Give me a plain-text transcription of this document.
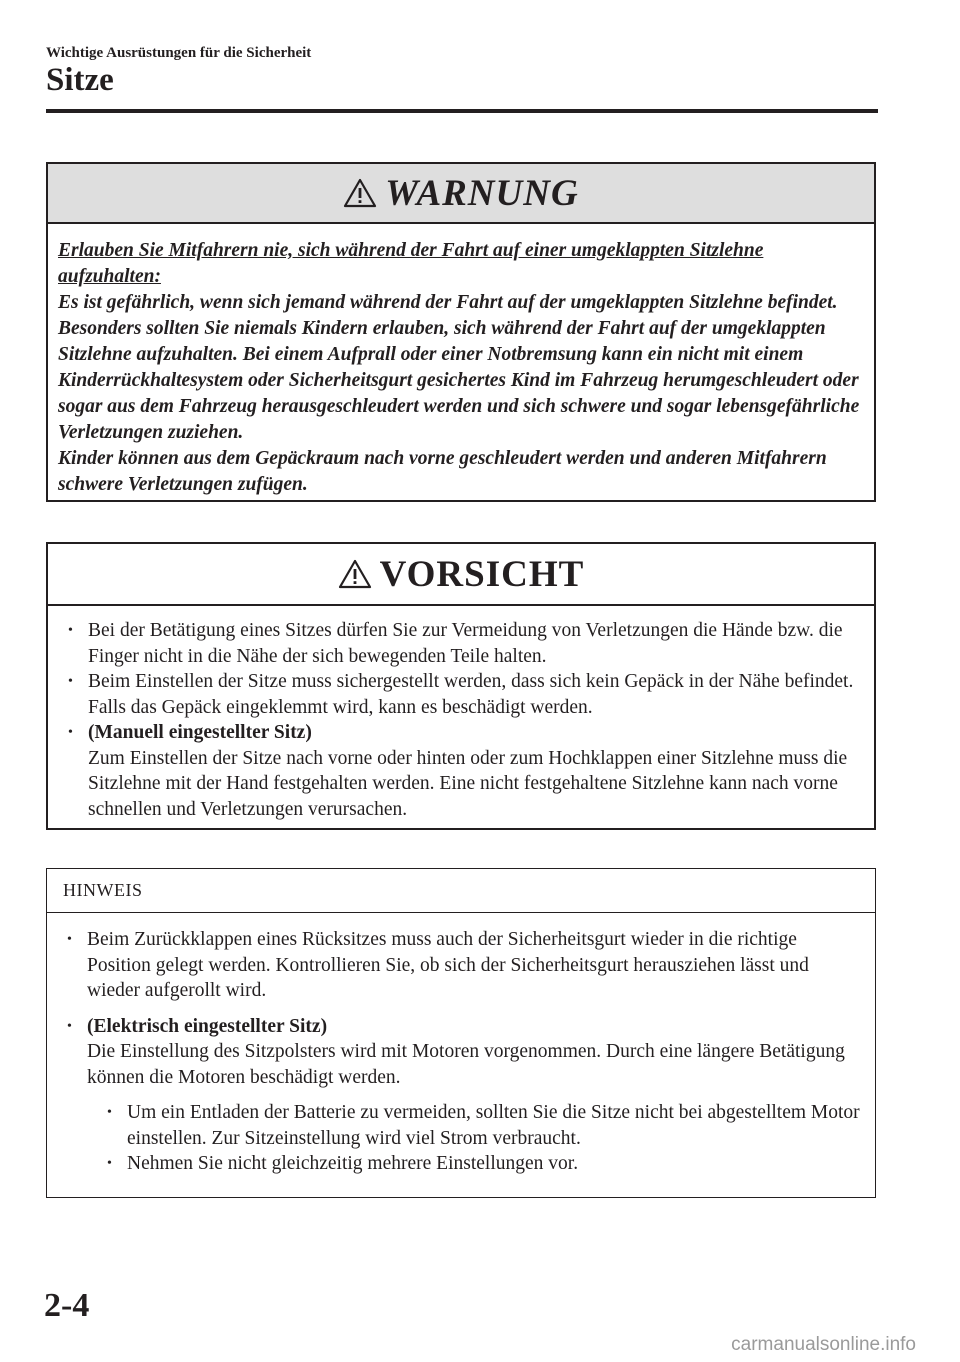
Wichtige Ausrüstungen für die Sicherheit
Sitze
WARNUNG
Erlauben Sie Mitfahrern nie, sich während der Fahrt auf einer umgeklappten Sitzlehne aufzuhalten:

Es ist gefährlich, wenn sich jemand während der Fahrt auf der umgeklappten Sitzlehne befindet. Besonders sollten Sie niemals Kindern erlauben, sich während der Fahrt auf der umgeklappten Sitzlehne aufzuhalten. Bei einem Aufprall oder einer Notbremsung kann ein nicht mit einem Kinderrückhaltesystem oder Sicherheitsgurt gesichertes Kind im Fahrzeug herumgeschleudert oder sogar aus dem Fahrzeug herausgeschleudert werden und sich schwere und sogar lebensgefährliche Verletzungen zuziehen.

Kinder können aus dem Gepäckraum nach vorne geschleudert werden und anderen Mitfahrern schwere Verletzungen zufügen.

VORSICHT
• Bei der Betätigung eines Sitzes dürfen Sie zur Vermeidung von Verletzungen die Hände bzw. die Finger nicht in die Nähe der sich bewegenden Teile halten.
• Beim Einstellen der Sitze muss sichergestellt werden, dass sich kein Gepäck in der Nähe befindet. Falls das Gepäck eingeklemmt wird, kann es beschädigt werden.
• (Manuell eingestellter Sitz)
Zum Einstellen der Sitze nach vorne oder hinten oder zum Hochklappen einer Sitzlehne muss die Sitzlehne mit der Hand festgehalten werden. Eine nicht festgehaltene Sitzlehne kann nach vorne schnellen und Verletzungen verursachen.
HINWEIS
• Beim Zurückklappen eines Rücksitzes muss auch der Sicherheitsgurt wieder in die richtige Position gelegt werden. Kontrollieren Sie, ob sich der Sicherheitsgurt herausziehen lässt und wieder aufgerollt wird.
• (Elektrisch eingestellter Sitz)
Die Einstellung des Sitzpolsters wird mit Motoren vorgenommen. Durch eine längere Betätigung können die Motoren beschädigt werden.
• Um ein Entladen der Batterie zu vermeiden, sollten Sie die Sitze nicht bei abgestelltem Motor einstellen. Zur Sitzeinstellung wird viel Strom verbraucht.
• Nehmen Sie nicht gleichzeitig mehrere Einstellungen vor.
2-4
carmanualsonline.info
